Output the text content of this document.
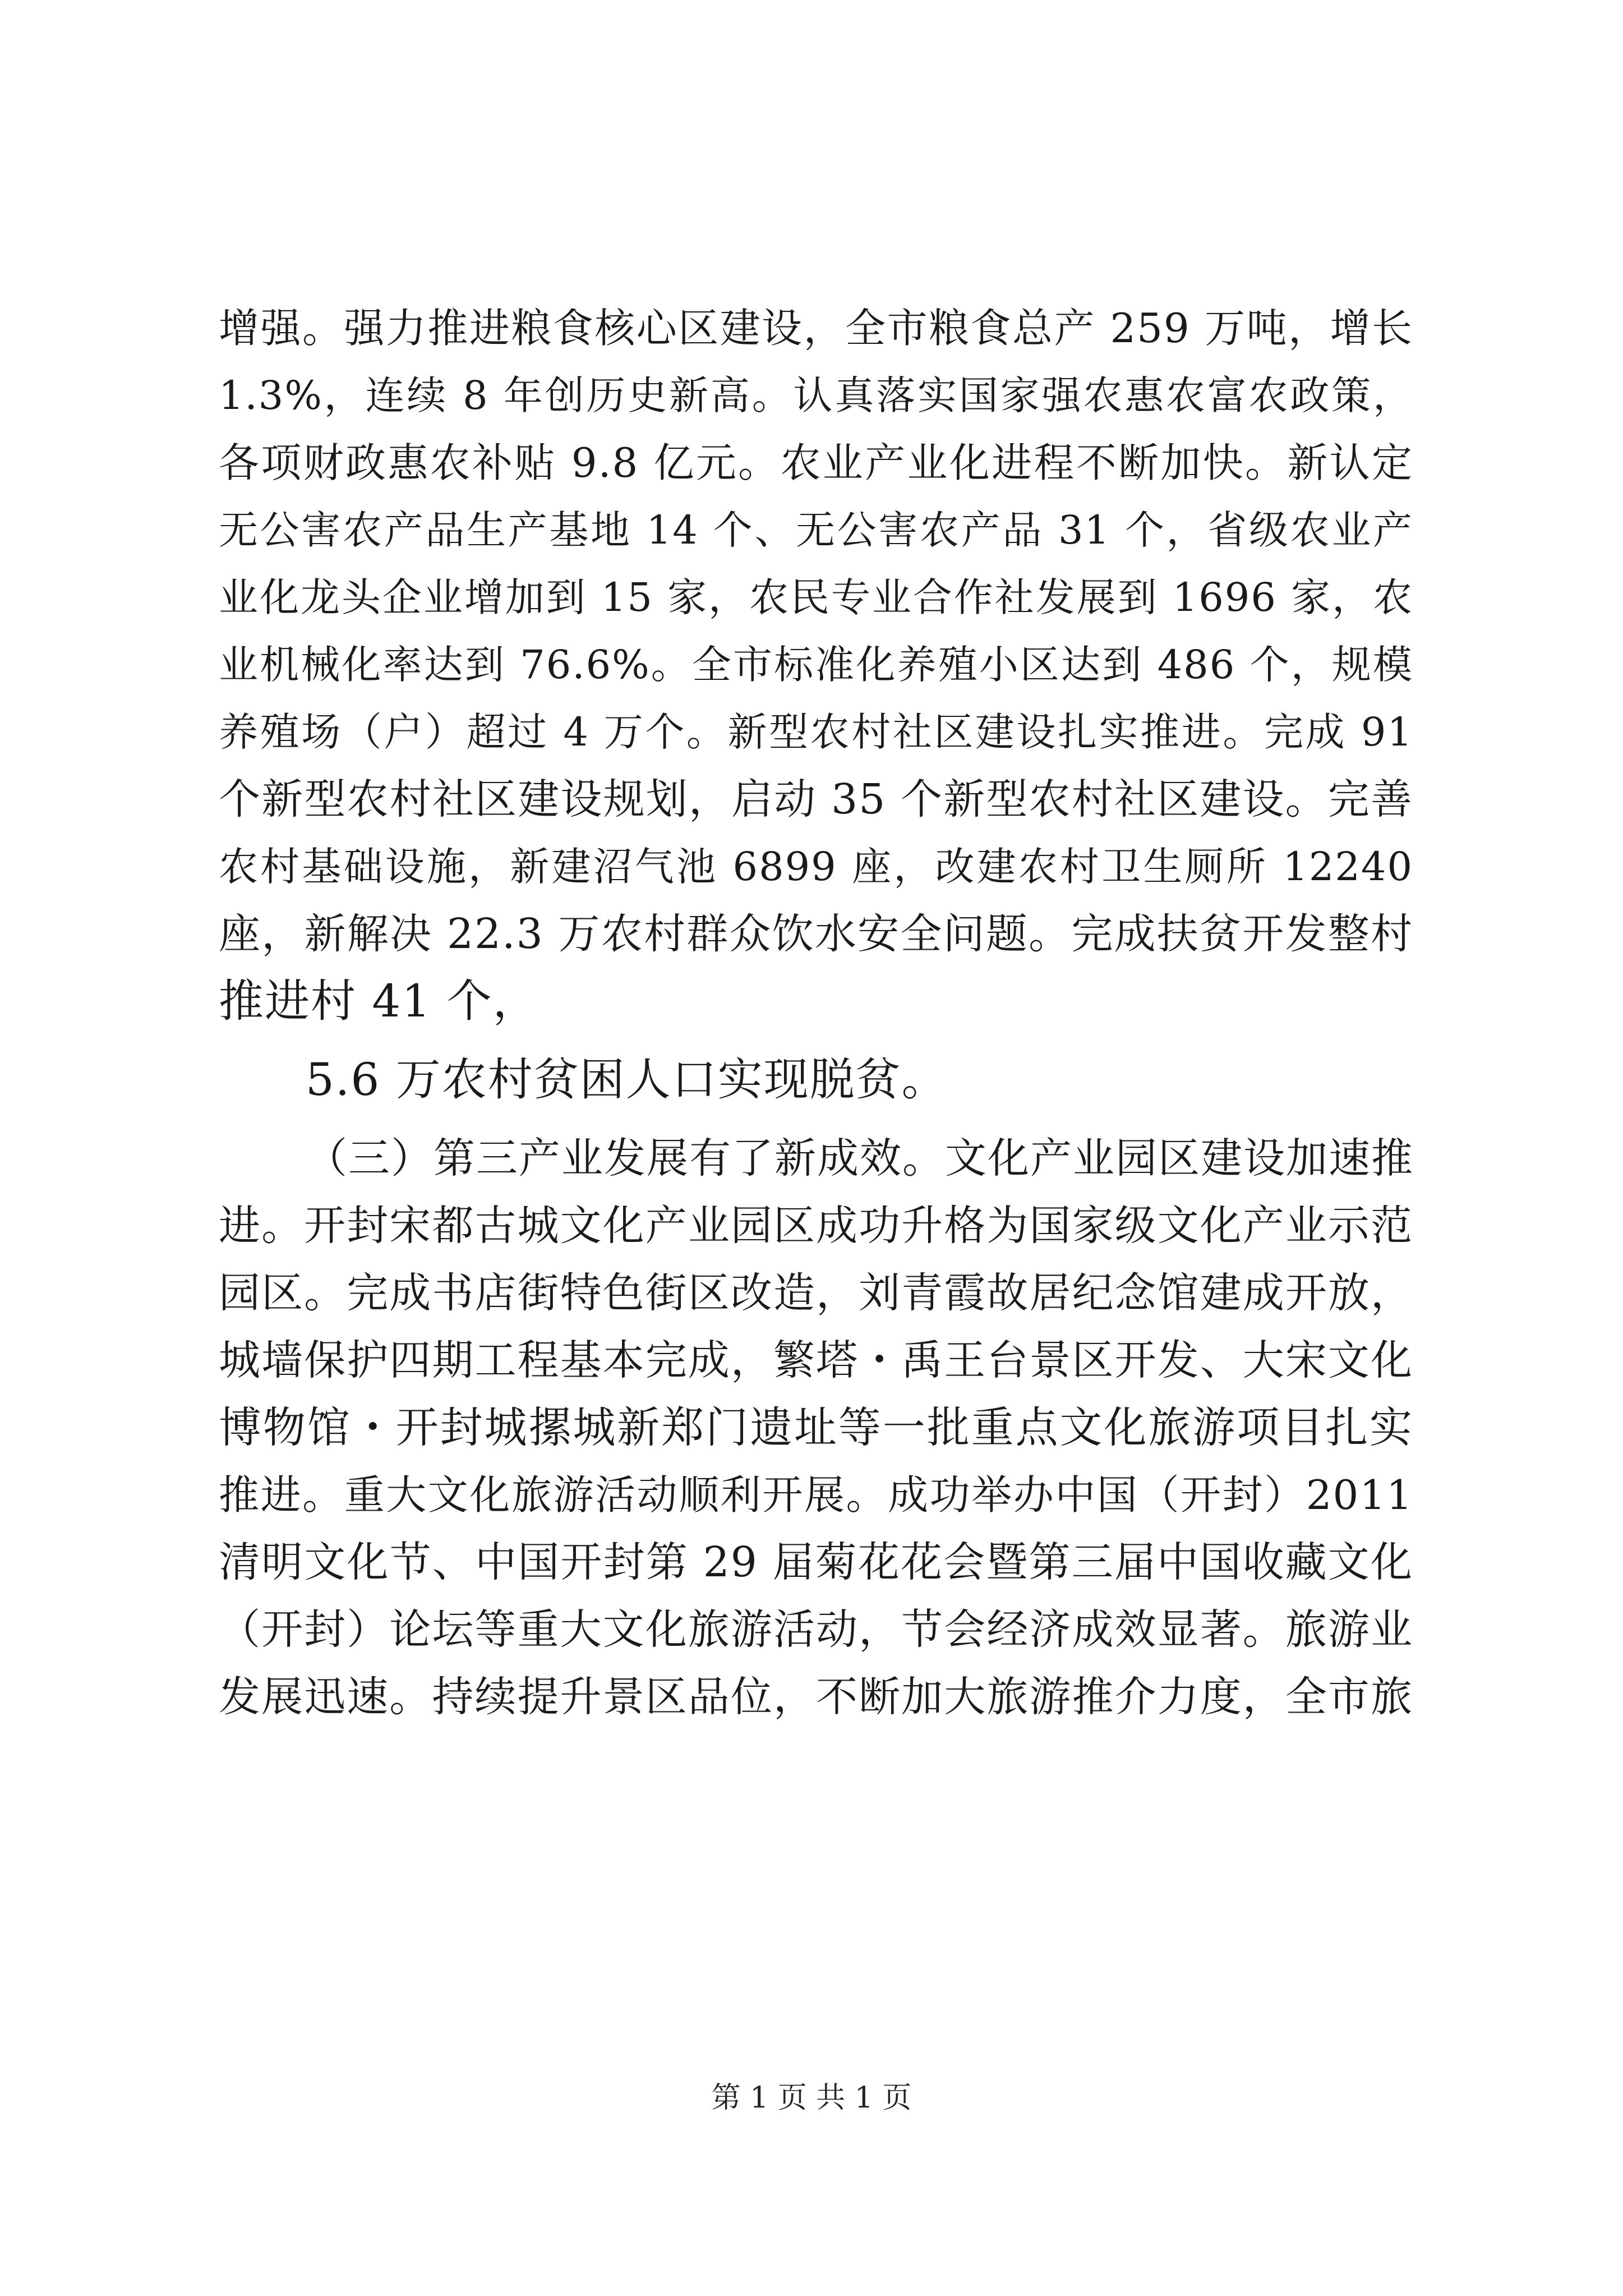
增强。强力推进粮食核心区建设，全市粮食总产 259 万吨，增长
1.3%，连续 8 年创历史新高。认真落实国家强农惠农富农政策，
各项财政惠农补贴 9.8 亿元。农业产业化进程不断加快。新认定
无公害农产品生产基地 14 个、无公害农产品 31 个，省级农业产
业化龙头企业增加到 15 家，农民专业合作社发展到 1696 家，农
业机械化率达到 76.6%。全市标准化养殖小区达到 486 个，规模
养殖场（户）超过 4 万个。新型农村社区建设扎实推进。完成 91
个新型农村社区建设规划，启动 35 个新型农村社区建设。完善
农村基础设施，新建沼气池 6899 座，改建农村卫生厕所 12240
座，新解决 22.3 万农村群众饮水安全问题。完成扶贫开发整村
推进村 41 个，
5.6 万农村贫困人口实现脱贫。
（三）第三产业发展有了新成效。文化产业园区建设加速推
进。开封宋都古城文化产业园区成功升格为国家级文化产业示范
园区。完成书店街特色街区改造，刘青霞故居纪念馆建成开放，
城墙保护四期工程基本完成，繁塔・禹王台景区开发、大宋文化
博物馆・开封城摞城新郑门遗址等一批重点文化旅游项目扎实
推进。重大文化旅游活动顺利开展。成功举办中国（开封）2011
清明文化节、中国开封第 29 届菊花花会暨第三届中国收藏文化
（开封）论坛等重大文化旅游活动，节会经济成效显著。旅游业
发展迅速。持续提升景区品位，不断加大旅游推介力度，全市旅
第 1 页 共 1 页
